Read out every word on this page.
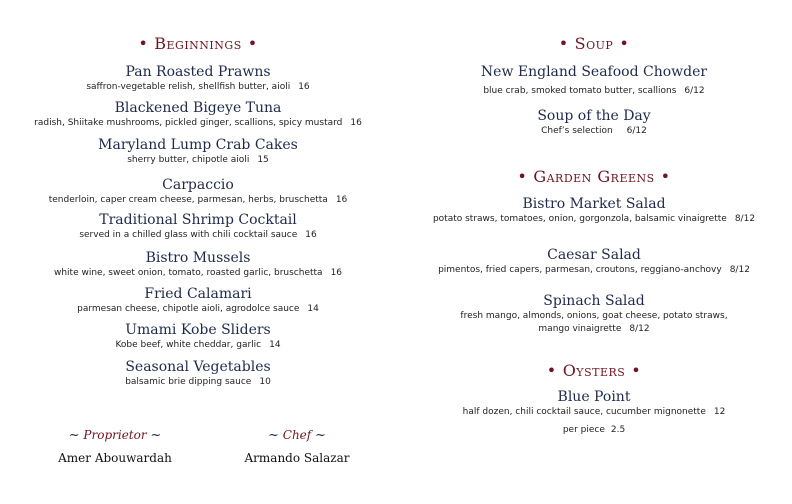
• Beginnings •
Pan Roasted Prawns
saffron-vegetable relish, shellfish butter, aioli 16
Blackened Bigeye Tuna
radish, Shiitake mushrooms, pickled ginger, scallions, spicy mustard 16
Maryland Lump Crab Cakes
sherry butter, chipotle aioli 15
Carpaccio
tenderloin, caper cream cheese, parmesan, herbs, bruschetta 16
Traditional Shrimp Cocktail
served in a chilled glass with chili cocktail sauce 16
Bistro Mussels
white wine, sweet onion, tomato, roasted garlic, bruschetta 16
Fried Calamari
parmesan cheese, chipotle aioli, agrodolce sauce 14
Umami Kobe Sliders
Kobe beef, white cheddar, garlic 14
Seasonal Vegetables
balsamic brie dipping sauce 10
~ Proprietor ~
Amer Abouwardah
~ Chef ~
Armando Salazar
• Soup •
New England Seafood Chowder
blue crab, smoked tomato butter, scallions 6/12
Soup of the Day
Chef’s selection 6/12
• Garden Greens •
Bistro Market Salad
potato straws, tomatoes, onion, gorgonzola, balsamic vinaigrette 8/12
Caesar Salad
pimentos, fried capers, parmesan, croutons, reggiano-anchovy 8/12
Spinach Salad
fresh mango, almonds, onions, goat cheese, potato straws,
mango vinaigrette 8/12
• Oysters •
Blue Point
half dozen, chili cocktail sauce, cucumber mignonette 12
per piece 2.5
